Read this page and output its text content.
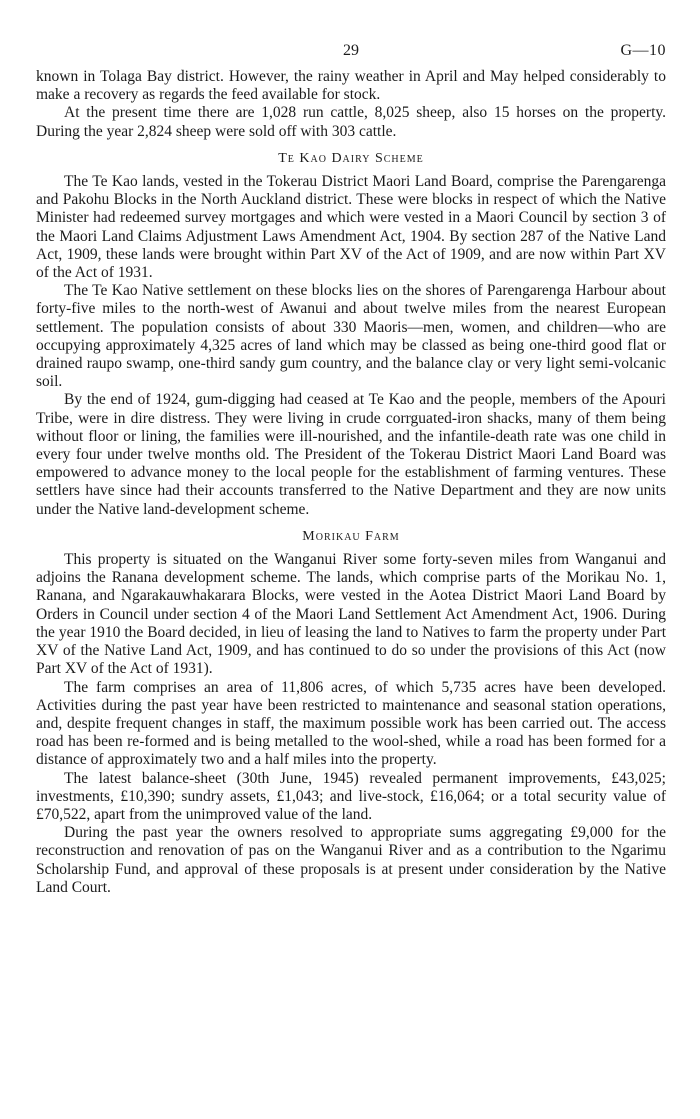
29	G—10

known in Tolaga Bay district. However, the rainy weather in April and May helped considerably to make a recovery as regards the feed available for stock.

At the present time there are 1,028 run cattle, 8,025 sheep, also 15 horses on the property. During the year 2,824 sheep were sold off with 303 cattle.

Te Kao Dairy Scheme

The Te Kao lands, vested in the Tokerau District Maori Land Board, comprise the Parengarenga and Pakohu Blocks in the North Auckland district. These were blocks in respect of which the Native Minister had redeemed survey mortgages and which were vested in a Maori Council by section 3 of the Maori Land Claims Adjustment Laws Amendment Act, 1904. By section 287 of the Native Land Act, 1909, these lands were brought within Part XV of the Act of 1909, and are now within Part XV of the Act of 1931.

The Te Kao Native settlement on these blocks lies on the shores of Parengarenga Harbour about forty-five miles to the north-west of Awanui and about twelve miles from the nearest European settlement. The population consists of about 330 Maoris—men, women, and children—who are occupying approximately 4,325 acres of land which may be classed as being one-third good flat or drained raupo swamp, one-third sandy gum country, and the balance clay or very light semi-volcanic soil.

By the end of 1924, gum-digging had ceased at Te Kao and the people, members of the Apouri Tribe, were in dire distress. They were living in crude corrguated-iron shacks, many of them being without floor or lining, the families were ill-nourished, and the infantile-death rate was one child in every four under twelve months old. The President of the Tokerau District Maori Land Board was empowered to advance money to the local people for the establishment of farming ventures. These settlers have since had their accounts transferred to the Native Department and they are now units under the Native land-development scheme.

Morikau Farm

This property is situated on the Wanganui River some forty-seven miles from Wanganui and adjoins the Ranana development scheme. The lands, which comprise parts of the Morikau No. 1, Ranana, and Ngarakauwhakarara Blocks, were vested in the Aotea District Maori Land Board by Orders in Council under section 4 of the Maori Land Settlement Act Amendment Act, 1906. During the year 1910 the Board decided, in lieu of leasing the land to Natives to farm the property under Part XV of the Native Land Act, 1909, and has continued to do so under the provisions of this Act (now Part XV of the Act of 1931).

The farm comprises an area of 11,806 acres, of which 5,735 acres have been developed. Activities during the past year have been restricted to maintenance and seasonal station operations, and, despite frequent changes in staff, the maximum possible work has been carried out. The access road has been re-formed and is being metalled to the wool-shed, while a road has been formed for a distance of approximately two and a half miles into the property.

The latest balance-sheet (30th June, 1945) revealed permanent improvements, £43,025; investments, £10,390; sundry assets, £1,043; and live-stock, £16,064; or a total security value of £70,522, apart from the unimproved value of the land.

During the past year the owners resolved to appropriate sums aggregating £9,000 for the reconstruction and renovation of pas on the Wanganui River and as a contribution to the Ngarimu Scholarship Fund, and approval of these proposals is at present under consideration by the Native Land Court.
